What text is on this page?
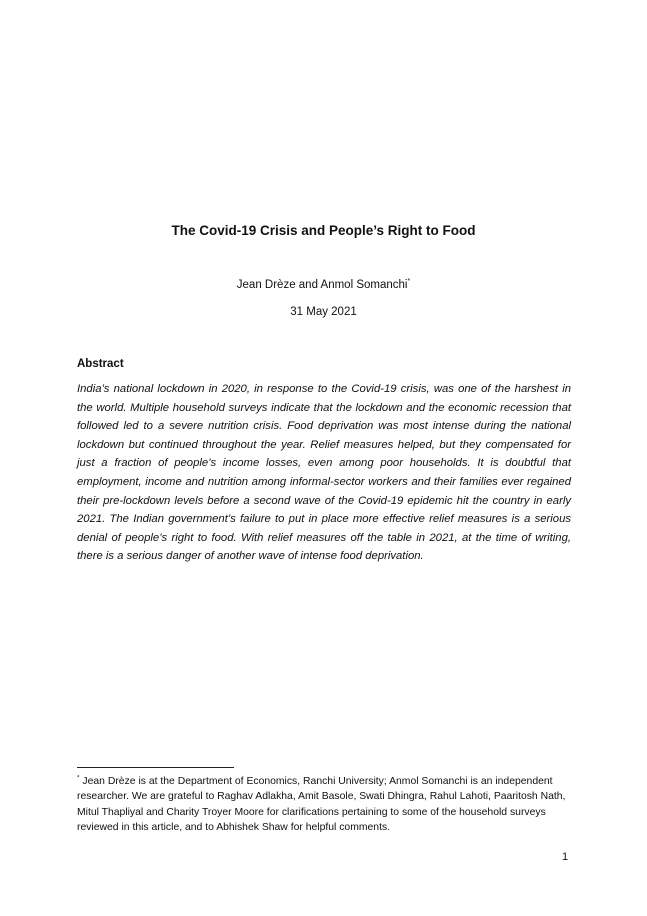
The Covid-19 Crisis and People’s Right to Food
Jean Drèze and Anmol Somanchi*
31 May 2021
Abstract

India’s national lockdown in 2020, in response to the Covid-19 crisis, was one of the harshest in the world. Multiple household surveys indicate that the lockdown and the economic recession that followed led to a severe nutrition crisis. Food deprivation was most intense during the national lockdown but continued throughout the year. Relief measures helped, but they compensated for just a fraction of people’s income losses, even among poor households. It is doubtful that employment, income and nutrition among informal-sector workers and their families ever regained their pre-lockdown levels before a second wave of the Covid-19 epidemic hit the country in early 2021. The Indian government’s failure to put in place more effective relief measures is a serious denial of people’s right to food. With relief measures off the table in 2021, at the time of writing, there is a serious danger of another wave of intense food deprivation.

* Jean Drèze is at the Department of Economics, Ranchi University; Anmol Somanchi is an independent researcher. We are grateful to Raghav Adlakha, Amit Basole, Swati Dhingra, Rahul Lahoti, Paaritosh Nath, Mitul Thapliyal and Charity Troyer Moore for clarifications pertaining to some of the household surveys reviewed in this article, and to Abhishek Shaw for helpful comments.

1
